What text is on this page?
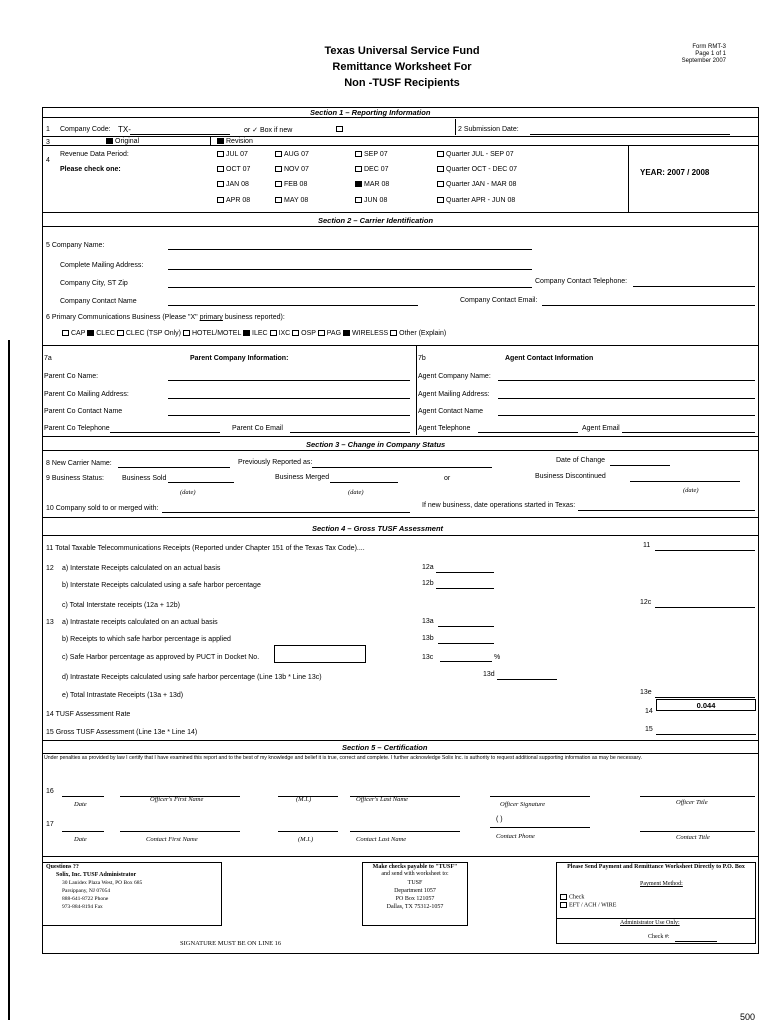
Texas Universal Service Fund
Remittance Worksheet For
Non -TUSF Recipients
Form RMT-3
Page 1 of 1
September 2007
Section 1 – Reporting Information
1 Company Code: TX-	or ✓ Box if new	2 Submission Date:
3	Original	Revision
4
Revenue Data Period:
Please check one:
JUL 07	AUG 07	SEP 07	Quarter JUL - SEP 07
OCT 07	NOV 07	DEC 07	Quarter OCT - DEC 07
JAN 08	FEB 08	MAR 08	Quarter JAN - MAR 08
APR 08	MAY 08	JUN 08	Quarter APR - JUN 08
YEAR: 2007 / 2008
Section 2 – Carrier Identification
5 Company Name:
Complete Mailing Address:
Company City, ST Zip	Company Contact Telephone:
Company Contact Name	Company Contact Email:
6 Primary Communications Business (Please "X" primary business reported):
CAP CLEC CLEC (TSP Only) HOTEL/MOTEL ILEC IXC OSP PAG WIRELESS Other (Explain)
7a	Parent Company Information:	7b	Agent Contact Information
Parent Co Name:
Parent Co Mailing Address:
Parent Co Contact Name
Parent Co Telephone	Parent Co Email
Agent Company Name:
Agent Mailing Address:
Agent Contact Name
Agent Telephone	Agent Email
Section 3 – Change in Company Status
8 New Carrier Name:	Previously Reported as:	Date of Change
9 Business Status:	Business Sold	Business Merged	or	Business Discontinued
(date)	(date)	(date)
10 Company sold to or merged with:	If new business, date operations started in Texas:
Section 4 – Gross TUSF Assessment
11 Total Taxable Telecommunications Receipts (Reported under Chapter 151 of the Texas Tax Code)....	11
12 a) Interstate Receipts calculated on an actual basis	12a
b) Interstate Receipts calculated using a safe harbor percentage	12b
c) Total Interstate receipts (12a + 12b)	12c
13 a) Intrastate receipts calculated on an actual basis	13a
b) Receipts to which safe harbor percentage is applied	13b
c) Safe Harbor percentage as approved by PUCT in Docket No.	13c	%
d) Intrastate Receipts calculated using safe harbor percentage (Line 13b * Line 13c)	13d
e) Total Intrastate Receipts (13a + 13d)	13e
14 TUSF Assessment Rate	14
0.044
15 Gross TUSF Assessment (Line 13e * Line 14)	15
Section 5 – Certification
Under penalties as provided by law I certify that I have examined this report and to the best of my knowledge and belief it is true, correct and complete. I further acknowledge Solix Inc. is authority to request additional supporting information as may be necessary.
16
Date
Officer's First Name	(M.I.)	Officer's Last Name
Officer Signature	Officer Title
17
( )
Date	Contact First Name	(M.I.)	Contact Last Name	Contact Phone	Contact Title
Questions ??
Solix, Inc. TUSF Administrator
30 Lanidex Plaza West, PO Box 685
Parsippany, NJ 07054
888-641-8722 Phone
973-884-8194 Fax
Make checks payable to "TUSF"
and send with worksheet to:
TUSF
Department 1057
PO Box 121057
Dallas, TX 75312-1057
Please Send Payment and Remittance Worksheet Directly to P.O. Box
Payment Method:
Check
EFT / ACH / WIRE
Administrator Use Only:
Check #:
SIGNATURE MUST BE ON LINE 16
500
